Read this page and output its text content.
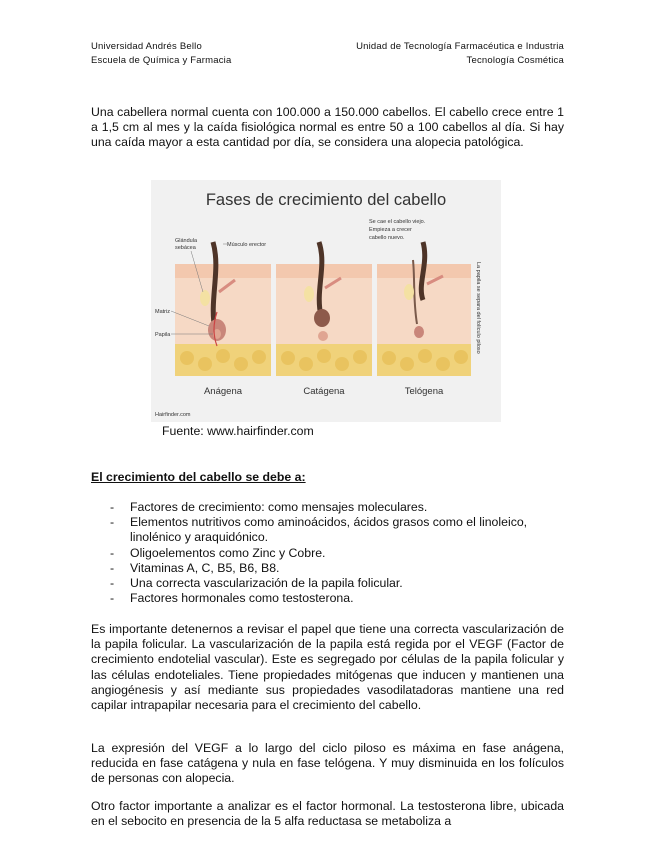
Universidad Andrés Bello
Escuela de Química y Farmacia
Unidad de Tecnología Farmacéutica e Industria
Tecnología Cosmética

Una cabellera normal cuenta con 100.000 a 150.000 cabellos. El cabello crece entre 1 a 1,5 cm al mes y la caída fisiológica normal es entre 50 a 100 cabellos al día. Si hay una caída mayor a esta cantidad por día, se considera una alopecia patológica.

Fases de crecimiento del cabello
Glándula
sebácea	Músculo erector
Matriz
Papila
Se cae el cabello viejo.
Empieza a crecer
cabello nuevo.
La papila se separa del folículo piloso
Anágena	Catágena	Telógena
Hairfinder.com
Fuente: www.hairfinder.com

El crecimiento del cabello se debe a:

- Factores de crecimiento: como mensajes moleculares.
- Elementos nutritivos como aminoácidos, ácidos grasos como el linoleico, linolénico y araquidónico.
- Oligoelementos como Zinc y Cobre.
- Vitaminas A, C, B5, B6, B8.
- Una correcta vascularización de la papila folicular.
- Factores hormonales como testosterona.

Es importante detenernos a revisar el papel que tiene una correcta vascularización de la papila folicular. La vascularización de la papila está regida por el VEGF (Factor de crecimiento endotelial vascular). Este es segregado por células de la papila folicular y las células endoteliales. Tiene propiedades mitógenas que inducen y mantienen una angiogénesis y así mediante sus propiedades vasodilatadoras mantiene una red capilar intrapapilar necesaria para el crecimiento del cabello.

La expresión del VEGF a lo largo del ciclo piloso es máxima en fase anágena, reducida en fase catágena y nula en fase telógena. Y muy disminuida en los folículos de personas con alopecia.

Otro factor importante a analizar es el factor hormonal. La testosterona libre, ubicada en el sebocito en presencia de la 5 alfa reductasa se metaboliza a
